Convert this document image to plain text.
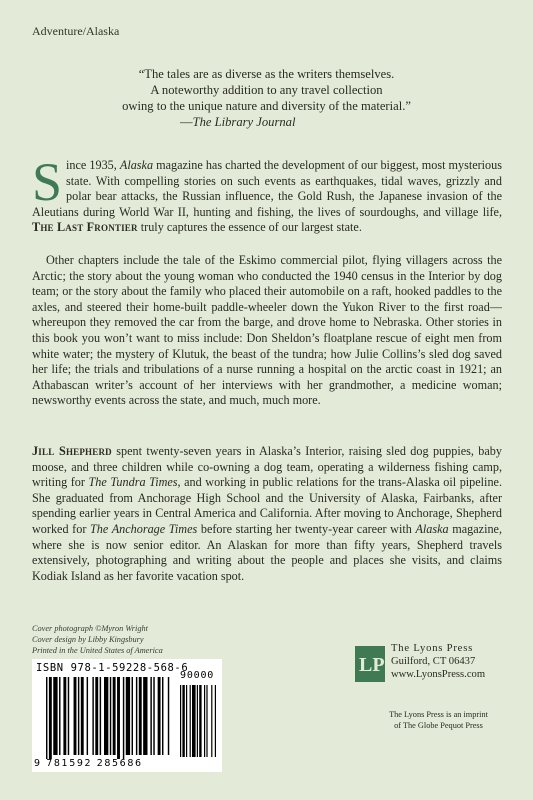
Adventure/Alaska
“The tales are as diverse as the writers themselves.
A noteworthy addition to any travel collection
owing to the unique nature and diversity of the material.”
—The Library Journal

Since 1935, Alaska magazine has charted the development of our biggest, most mysterious state. With compelling stories on such events as earthquakes, tidal waves, grizzly and polar bear attacks, the Russian influence, the Gold Rush, the Japanese invasion of the Aleutians during World War II, hunting and fishing, the lives of sourdoughs, and village life, The Last Frontier truly captures the essence of our largest state.

Other chapters include the tale of the Eskimo commercial pilot, flying villagers across the Arctic; the story about the young woman who conducted the 1940 census in the Interior by dog team; or the story about the family who placed their automobile on a raft, hooked paddles to the axles, and steered their home-built paddle-wheeler down the Yukon River to the first road—whereupon they removed the car from the barge, and drove home to Nebraska. Other stories in this book you won’t want to miss include: Don Sheldon’s floatplane rescue of eight men from white water; the mystery of Klutuk, the beast of the tundra; how Julie Collins’s sled dog saved her life; the trials and tribulations of a nurse running a hospital on the arctic coast in 1921; an Athabascan writer’s account of her interviews with her grandmother, a medicine woman; newsworthy events across the state, and much, much more.

Jill Shepherd spent twenty-seven years in Alaska’s Interior, raising sled dog puppies, baby moose, and three children while co-owning a dog team, operating a wilderness fishing camp, writing for The Tundra Times, and working in public relations for the trans-Alaska oil pipeline. She graduated from Anchorage High School and the University of Alaska, Fairbanks, after spending earlier years in Central America and California. After moving to Anchorage, Shepherd worked for The Anchorage Times before starting her twenty-year career with Alaska magazine, where she is now senior editor. An Alaskan for more than fifty years, Shepherd travels extensively, photographing and writing about the people and places she visits, and claims Kodiak Island as her favorite vacation spot.

Cover photograph ©Myron Wright
Cover design by Libby Kingsbury
Printed in the United States of America
ISBN 978-1-59228-568-6
90000
9 781592 285686
LP
The Lyons Press
Guilford, CT 06437
www.LyonsPress.com
The Lyons Press is an imprint
of The Globe Pequot Press
